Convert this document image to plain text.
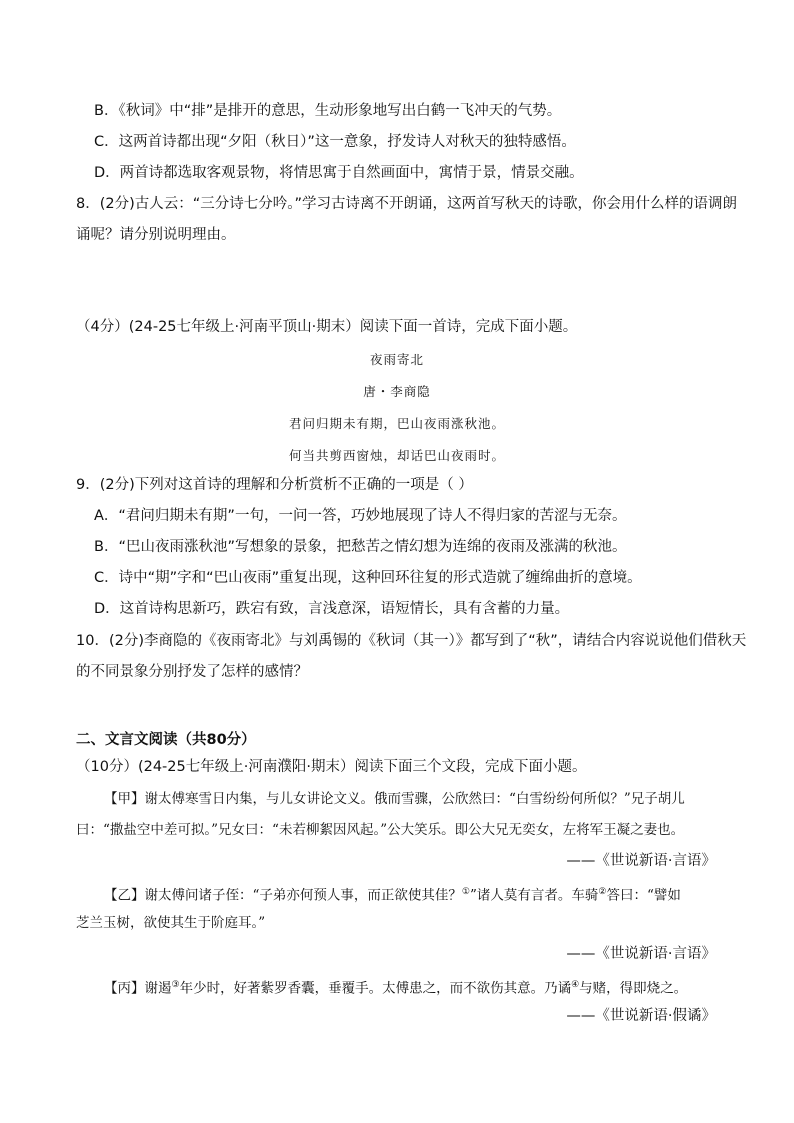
B．《秋词》中“排”是排开的意思，生动形象地写出白鹤一飞冲天的气势。
C．这两首诗都出现“夕阳（秋日）”这一意象，抒发诗人对秋天的独特感悟。
D．两首诗都选取客观景物，将情思寓于自然画面中，寓情于景，情景交融。
8．(2分)古人云：“三分诗七分吟。”学习古诗离不开朗诵，这两首写秋天的诗歌，你会用什么样的语调朗
诵呢？请分别说明理由。
（4分）(24-25七年级上·河南平顶山·期末）阅读下面一首诗，完成下面小题。
夜雨寄北
唐・李商隐
君问归期未有期，巴山夜雨涨秋池。
何当共剪西窗烛，却话巴山夜雨时。
9．(2分)下列对这首诗的理解和分析赏析不正确的一项是（ ）
A．“君问归期未有期”一句，一问一答，巧妙地展现了诗人不得归家的苦涩与无奈。
B．“巴山夜雨涨秋池”写想象的景象，把愁苦之情幻想为连绵的夜雨及涨满的秋池。
C．诗中“期”字和“巴山夜雨”重复出现，这种回环往复的形式造就了缠绵曲折的意境。
D．这首诗构思新巧，跌宕有致，言浅意深，语短情长，具有含蓄的力量。
10．(2分)李商隐的《夜雨寄北》与刘禹锡的《秋词（其一）》都写到了“秋”，请结合内容说说他们借秋天
的不同景象分别抒发了怎样的感情？
二、文言文阅读（共80分）
（10分）(24-25七年级上·河南濮阳·期末）阅读下面三个文段，完成下面小题。
【甲】谢太傅寒雪日内集，与儿女讲论文义。俄而雪骤，公欣然曰：“白雪纷纷何所似？”兄子胡儿
曰：“撒盐空中差可拟。”兄女曰：“未若柳絮因风起。”公大笑乐。即公大兄无奕女，左将军王凝之妻也。
——《世说新语·言语》
【乙】谢太傅问诸子侄：“子弟亦何预人事，而正欲使其佳？①”诸人莫有言者。车骑②答曰：“譬如
芝兰玉树，欲使其生于阶庭耳。”
——《世说新语·言语》
【丙】谢遏③年少时，好著紫罗香囊，垂覆手。太傅患之，而不欲伤其意。乃谲④与赌，得即烧之。
——《世说新语·假谲》
